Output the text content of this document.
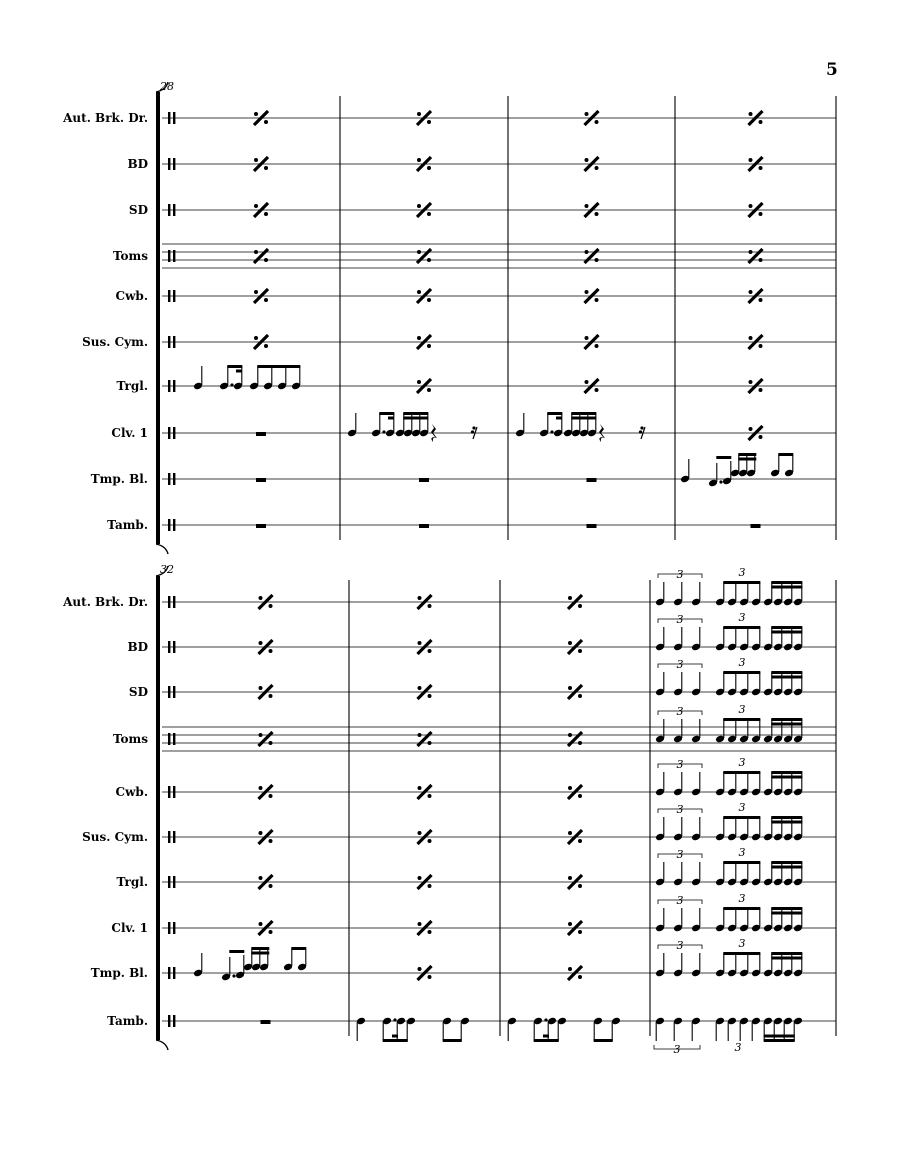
5
28
Aut. Brk. Dr.
BD
SD
Toms
Cwb.
Sus. Cym.
Trgl.
Clv. 1
Tmp. Bl.
Tamb.
32
Aut. Brk. Dr.
BD
SD
Toms
Cwb.
Sus. Cym.
Trgl.
Clv. 1
Tmp. Bl.
Tamb.
3	3
3	3
3	3
3	3
3	3
3	3
3	3
3	3
3	3
3	3
